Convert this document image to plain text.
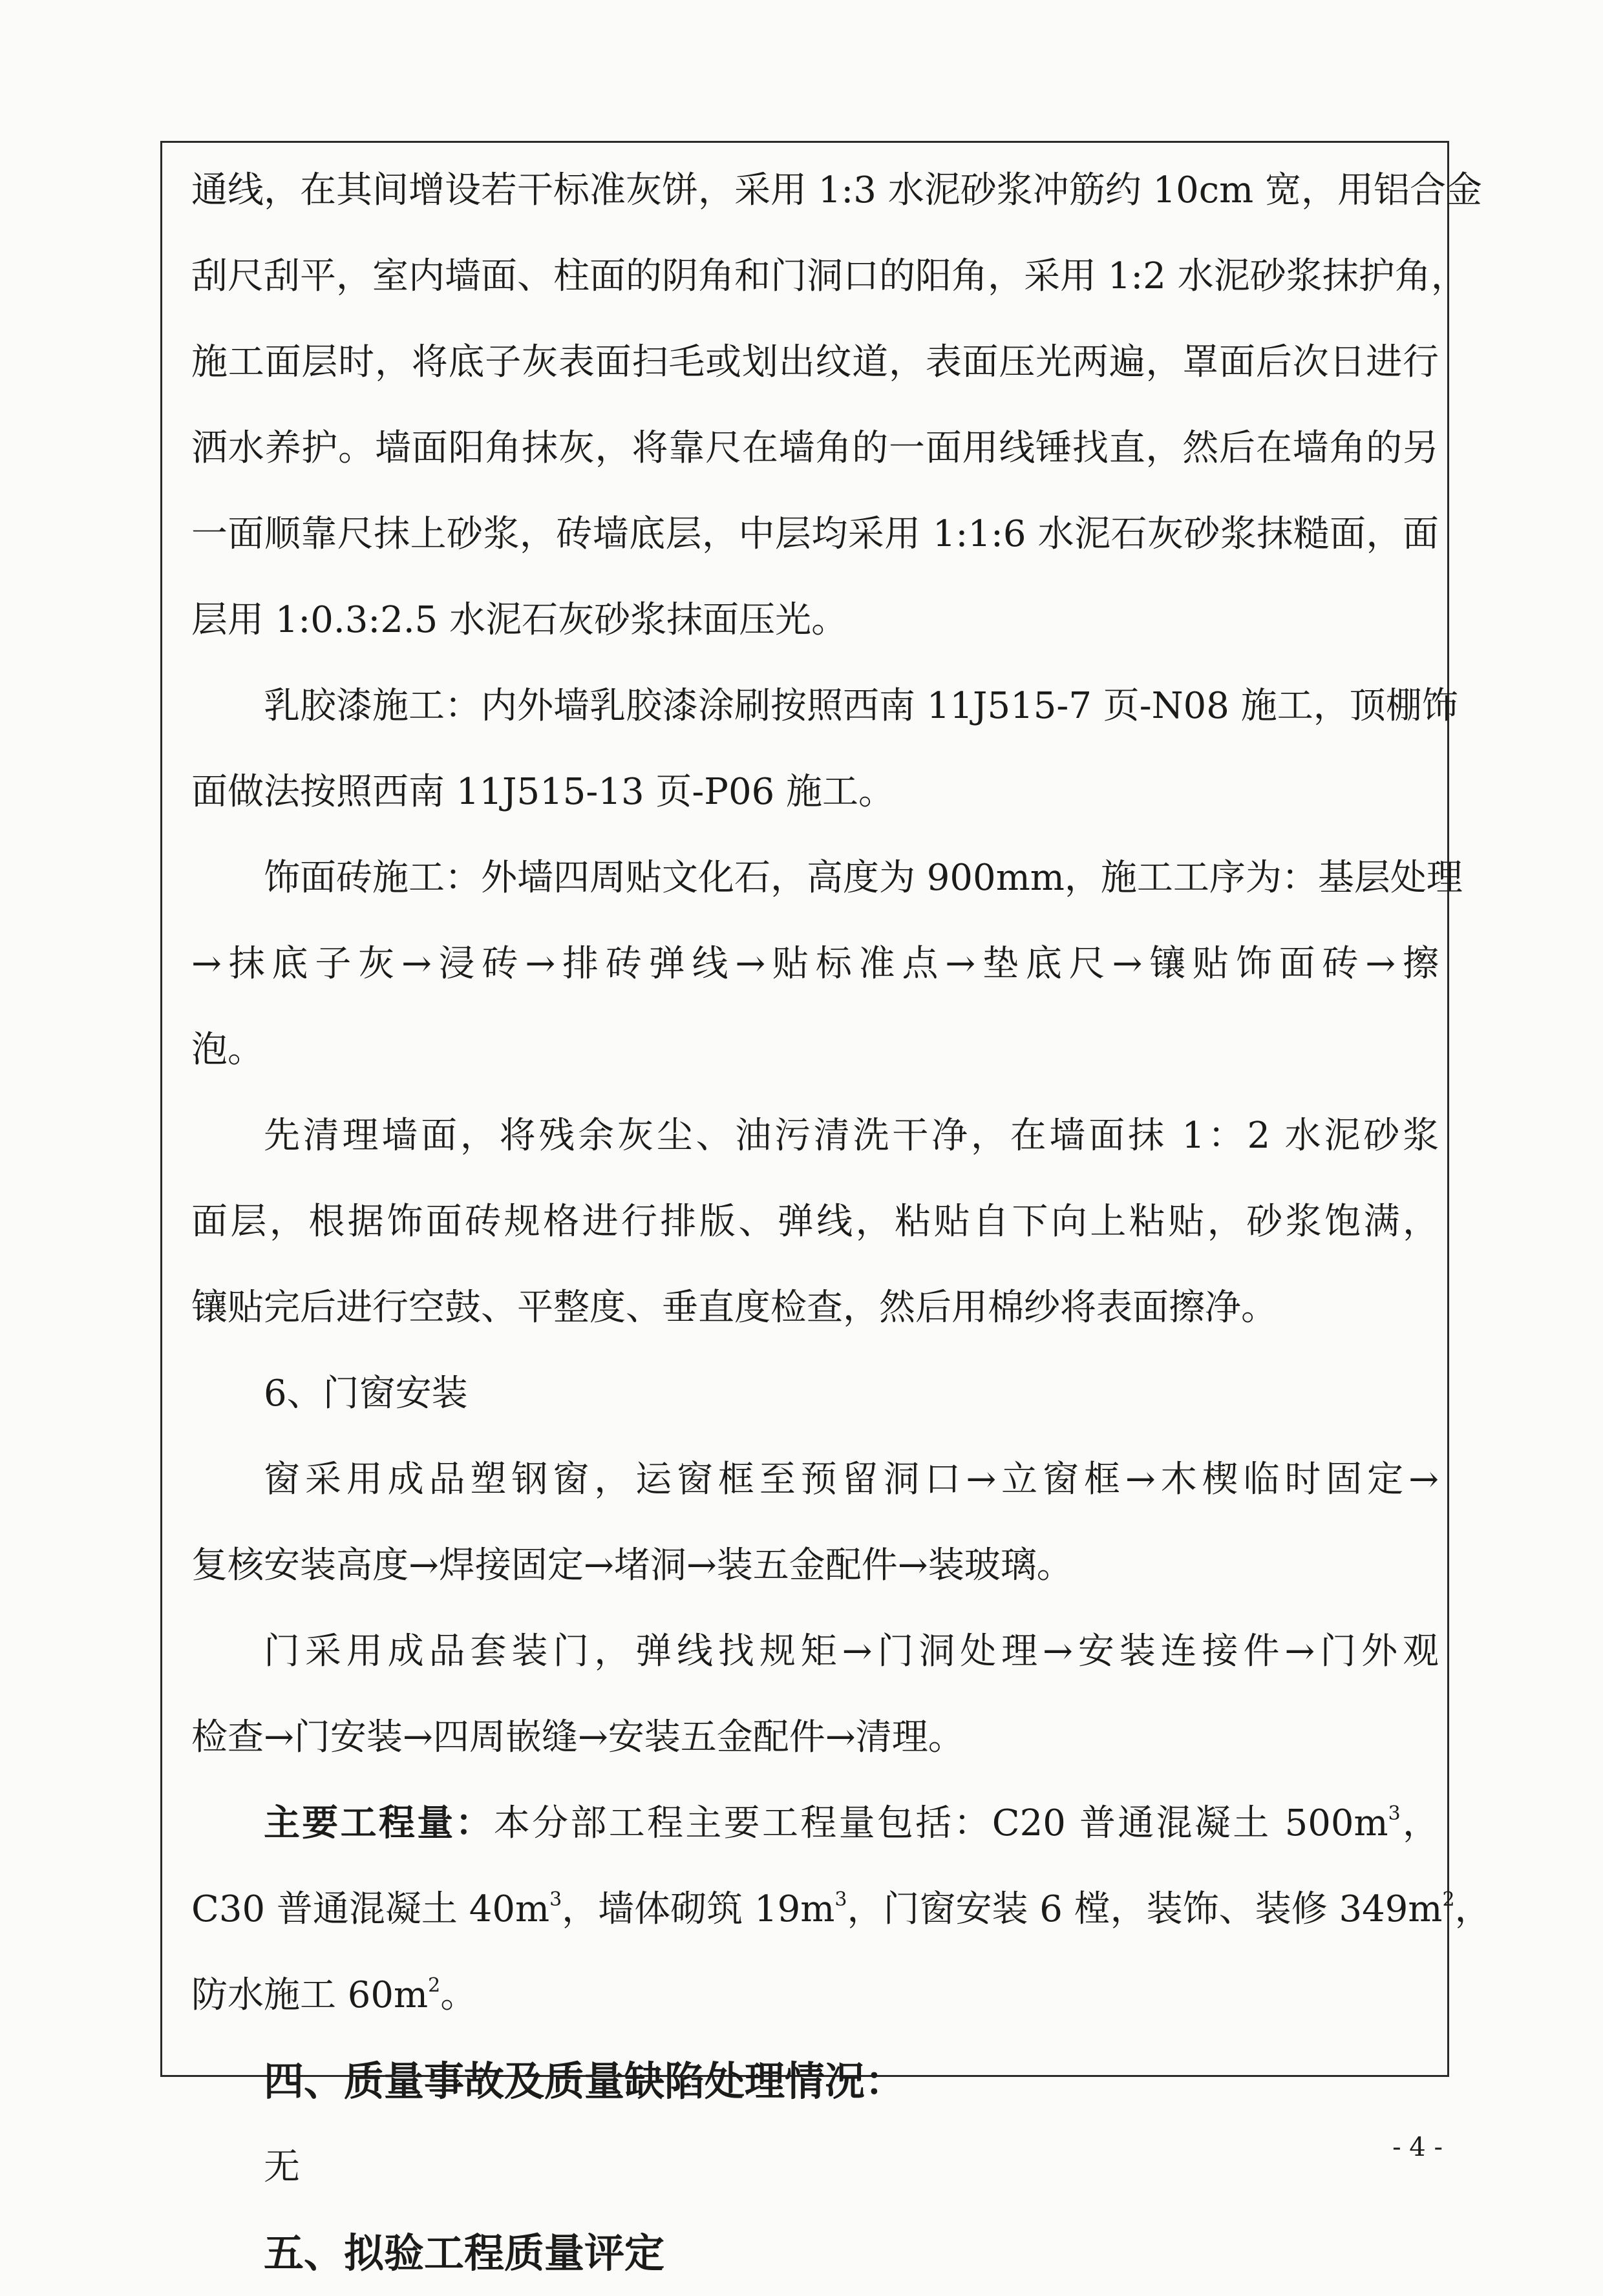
通线，在其间增设若干标准灰饼，采用 1:3 水泥砂浆冲筋约 10cm 宽，用铝合金
刮尺刮平，室内墙面、柱面的阴角和门洞口的阳角，采用 1:2 水泥砂浆抹护角，
施工面层时，将底子灰表面扫毛或划出纹道，表面压光两遍，罩面后次日进行
洒水养护。墙面阳角抹灰，将靠尺在墙角的一面用线锤找直，然后在墙角的另
一面顺靠尺抹上砂浆，砖墙底层，中层均采用 1:1:6 水泥石灰砂浆抹糙面，面
层用 1:0.3:2.5 水泥石灰砂浆抹面压光。
乳胶漆施工：内外墙乳胶漆涂刷按照西南 11J515-7 页-N08 施工，顶棚饰
面做法按照西南 11J515-13 页-P06 施工。
饰面砖施工：外墙四周贴文化石，高度为 900mm，施工工序为：基层处理
→抹底子灰→浸砖→排砖弹线→贴标准点→垫底尺→镶贴饰面砖→擦
泡。
先清理墙面，将残余灰尘、油污清洗干净，在墙面抹 1：2 水泥砂浆
面层，根据饰面砖规格进行排版、弹线，粘贴自下向上粘贴，砂浆饱满，
镶贴完后进行空鼓、平整度、垂直度检查，然后用棉纱将表面擦净。
6、门窗安装
窗采用成品塑钢窗，运窗框至预留洞口→立窗框→木楔临时固定→
复核安装高度→焊接固定→堵洞→装五金配件→装玻璃。
门采用成品套装门，弹线找规矩→门洞处理→安装连接件→门外观
检查→门安装→四周嵌缝→安装五金配件→清理。
主要工程量：本分部工程主要工程量包括：C20 普通混凝土 $500m^3$，
C30 普通混凝土 $40m^3$，墙体砌筑 $19m^3$，门窗安装 6 樘，装饰、装修 $349m^2$，
防水施工 $60m^2$。
四、质量事故及质量缺陷处理情况：
无
五、拟验工程质量评定
- 4 -
